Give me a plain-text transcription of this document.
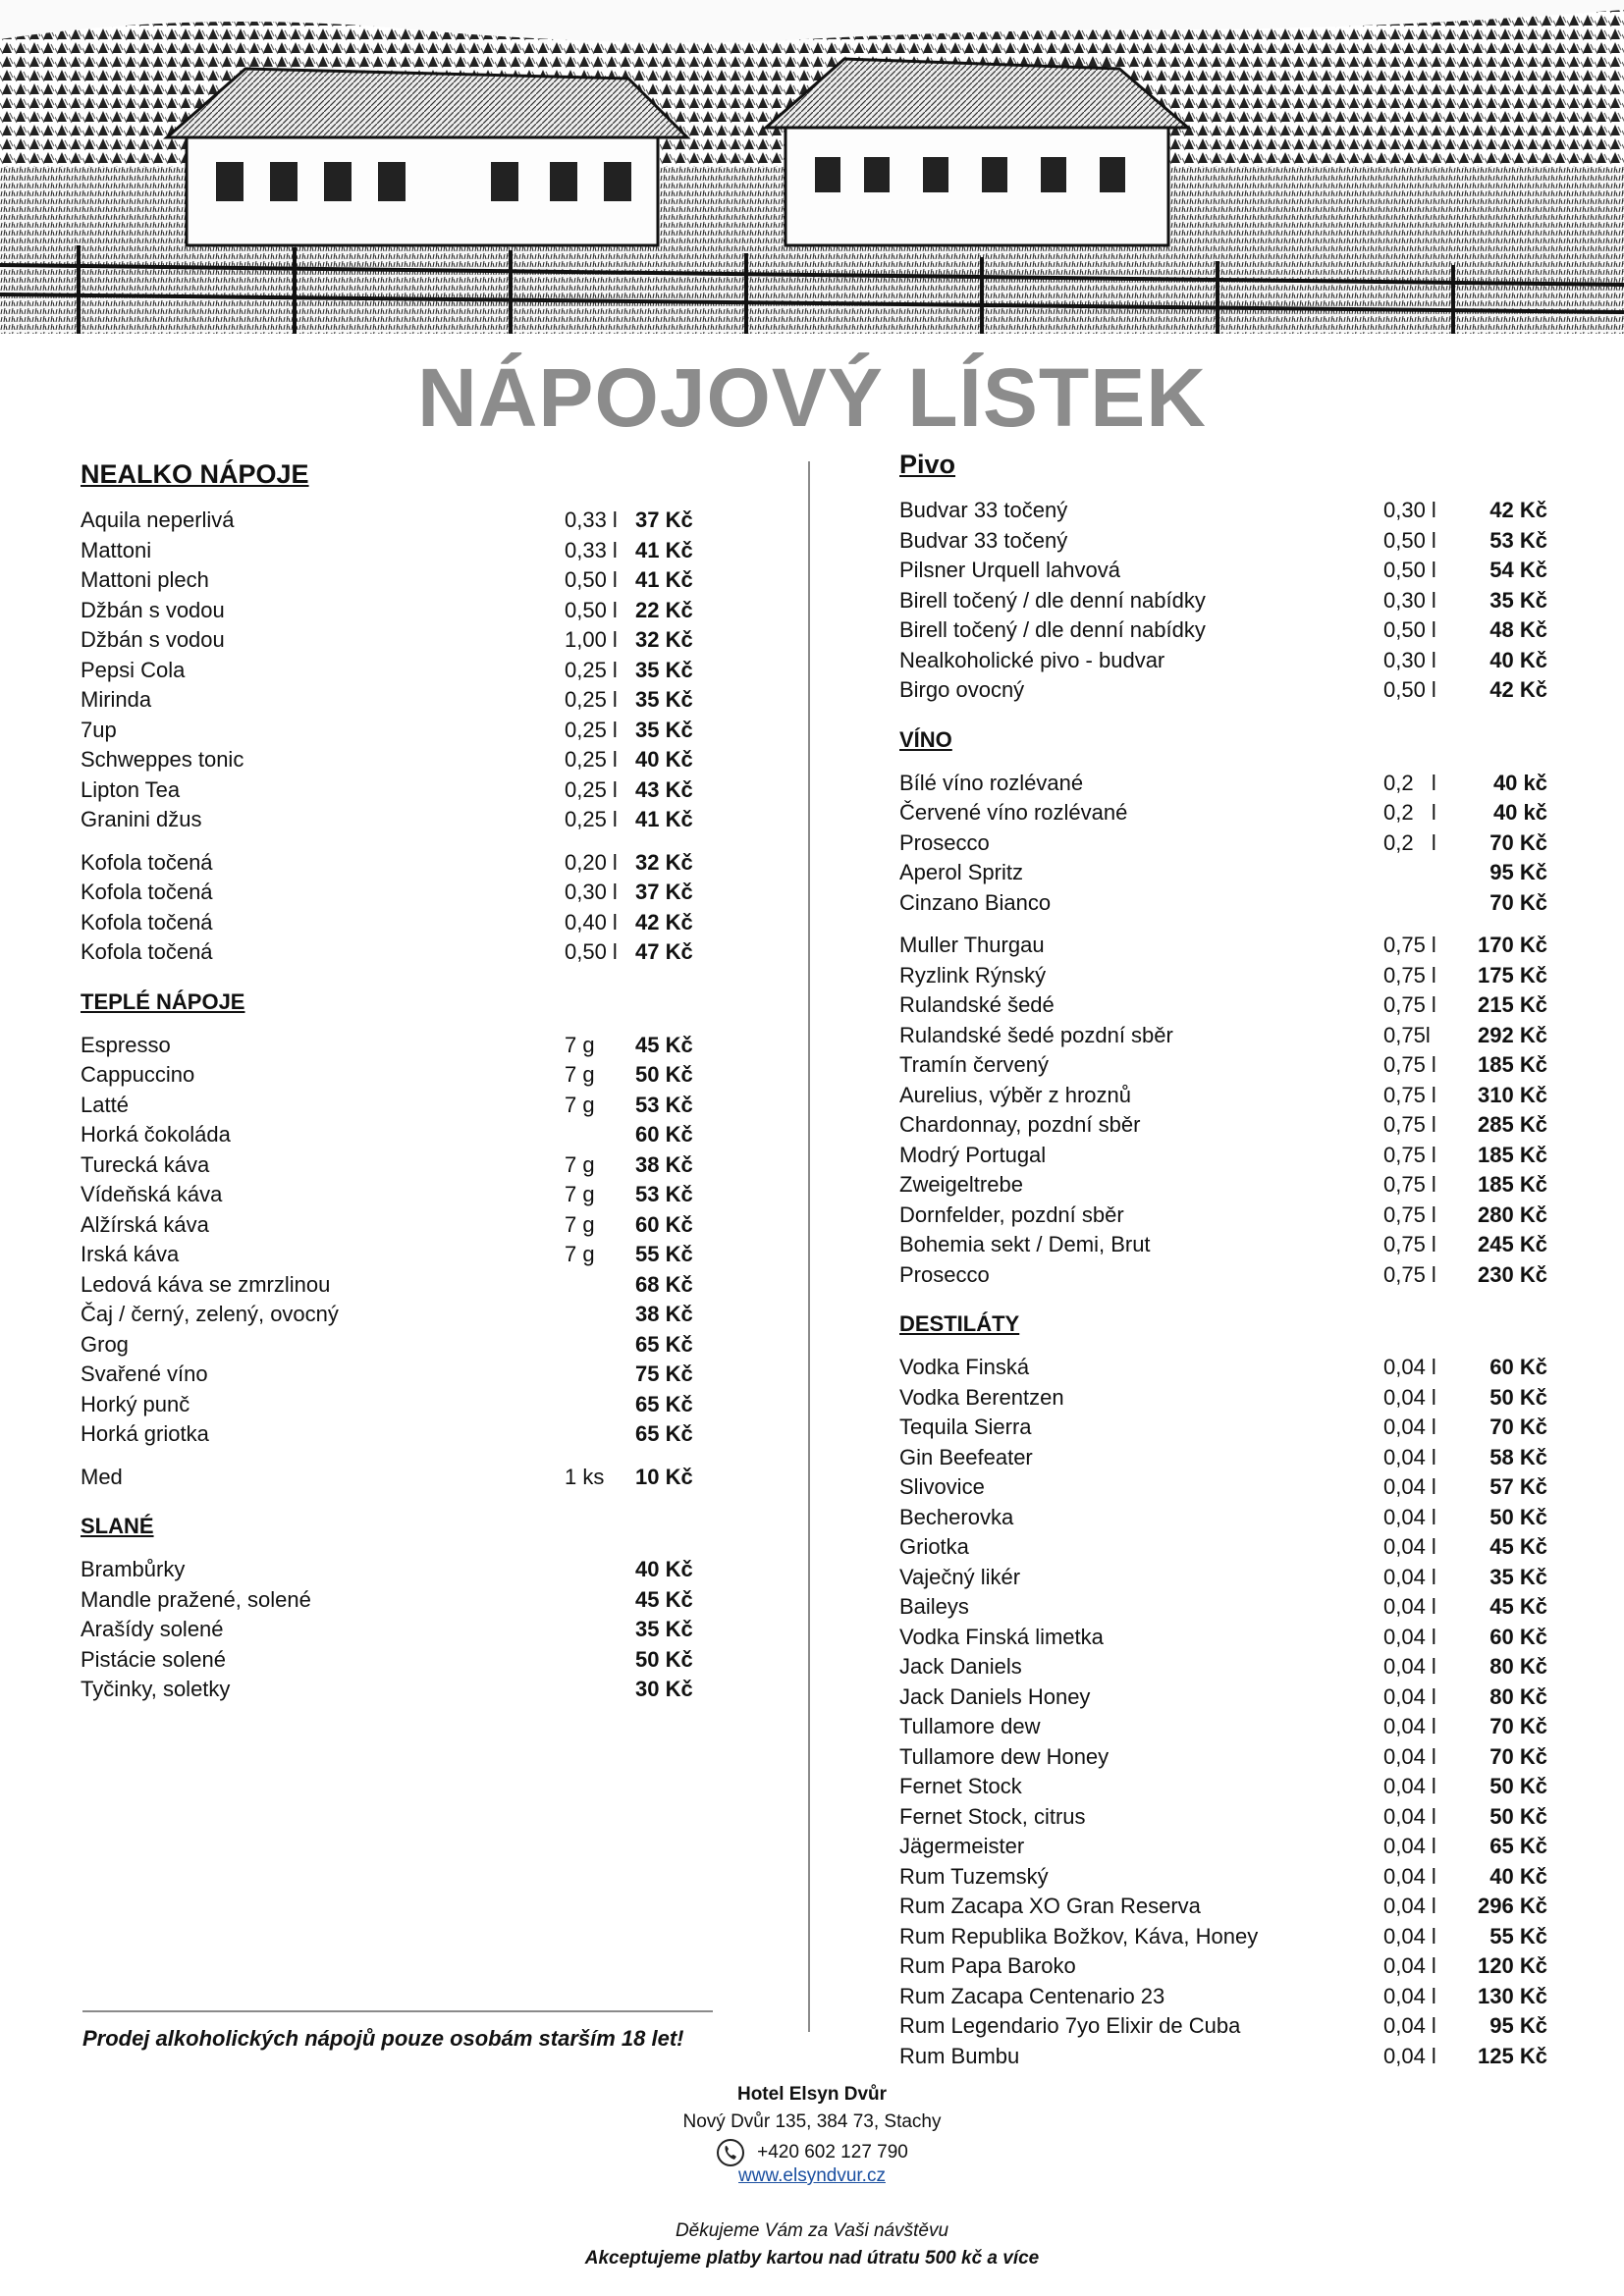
NÁPOJOVÝ LÍSTEK
NEALKO NÁPOJE
Aquila neperlivá	0,33 l 37 Kč
Mattoni	0,33 l 41 Kč
Mattoni plech	0,50 l 41 Kč
Džbán s vodou	0,50 l 22 Kč
Džbán s vodou	1,00 l 32 Kč
Pepsi Cola	0,25 l 35 Kč
Mirinda	0,25 l 35 Kč
7up	0,25 l 35 Kč
Schweppes tonic	0,25 l 40 Kč
Lipton Tea	0,25 l 43 Kč
Granini džus	0,25 l 41 Kč
Kofola točená	0,20 l 32 Kč
Kofola točená	0,30 l 37 Kč
Kofola točená	0,40 l 42 Kč
Kofola točená	0,50 l 47 Kč
TEPLÉ NÁPOJE
Espresso	7 g 45 Kč
Cappuccino	7 g 50 Kč
Latté	7 g 53 Kč
Horká čokoláda	60 Kč
Turecká káva	7 g 38 Kč
Vídeňská káva	7 g 53 Kč
Alžírská káva	7 g 60 Kč
Irská káva	7 g 55 Kč
Ledová káva se zmrzlinou	68 Kč
Čaj / černý, zelený, ovocný	38 Kč
Grog	65 Kč
Svařené víno	75 Kč
Horký punč	65 Kč
Horká griotka	65 Kč
Med	1 ks 10 Kč
SLANÉ
Brambůrky	40 Kč
Mandle pražené, solené	45 Kč
Arašídy solené	35 Kč
Pistácie solené	50 Kč
Tyčinky, soletky	30 Kč
Pivo
Budvar 33 točený	0,30 l	42 Kč
Budvar 33 točený	0,50 l	53 Kč
Pilsner Urquell lahvová	0,50 l	54 Kč
Birell točený / dle denní nabídky	0,30 l	35 Kč
Birell točený / dle denní nabídky	0,50 l	48 Kč
Nealkoholické pivo - budvar	0,30 l	40 Kč
Birgo ovocný	0,50 l	42 Kč
VÍNO
Bílé víno rozlévané	0,2   l	40 kč
Červené víno rozlévané	0,2   l	40 kč
Prosecco	0,2   l	70 Kč
Aperol Spritz	95 Kč
Cinzano Bianco	70 Kč
Muller Thurgau	0,75 l	170 Kč
Ryzlink Rýnský	0,75 l	175 Kč
Rulandské šedé	0,75 l	215 Kč
Rulandské šedé pozdní sběr	0,75l	292 Kč
Tramín červený	0,75 l	185 Kč
Aurelius, výběr z hroznů	0,75 l	310 Kč
Chardonnay, pozdní sběr	0,75 l	285 Kč
Modrý Portugal	0,75 l	185 Kč
Zweigeltrebe	0,75 l	185 Kč
Dornfelder, pozdní sběr	0,75 l	280 Kč
Bohemia sekt / Demi, Brut	0,75 l	245 Kč
Prosecco	0,75 l	230 Kč
DESTILÁTY
Vodka Finská	0,04 l	60 Kč
Vodka Berentzen	0,04 l	50 Kč
Tequila Sierra	0,04 l	70 Kč
Gin Beefeater	0,04 l	58 Kč
Slivovice	0,04 l	57 Kč
Becherovka	0,04 l	50 Kč
Griotka	0,04 l	45 Kč
Vaječný likér	0,04 l	35 Kč
Baileys	0,04 l	45 Kč
Vodka Finská limetka	0,04 l	60 Kč
Jack Daniels	0,04 l	80 Kč
Jack Daniels Honey	0,04 l	80 Kč
Tullamore dew	0,04 l	70 Kč
Tullamore dew Honey	0,04 l	70 Kč
Fernet Stock	0,04 l	50 Kč
Fernet Stock, citrus	0,04 l	50 Kč
Jägermeister	0,04 l	65 Kč
Rum Tuzemský	0,04 l	40 Kč
Rum Zacapa XO Gran Reserva	0,04 l	296 Kč
Rum Republika Božkov, Káva, Honey	0,04 l	55 Kč
Rum Papa Baroko	0,04 l	120 Kč
Rum Zacapa Centenario 23	0,04 l	130 Kč
Rum Legendario 7yo Elixir de Cuba	0,04 l	95 Kč
Rum Bumbu	0,04 l	125 Kč
Prodej alkoholických nápojů pouze osobám starším 18 let!
Hotel Elsyn Dvůr
Nový Dvůr 135, 384 73, Stachy
+420 602 127 790
www.elsyndvur.cz
Děkujeme Vám za Vaši návštěvu
Akceptujeme platby kartou nad útratu 500 kč a více
